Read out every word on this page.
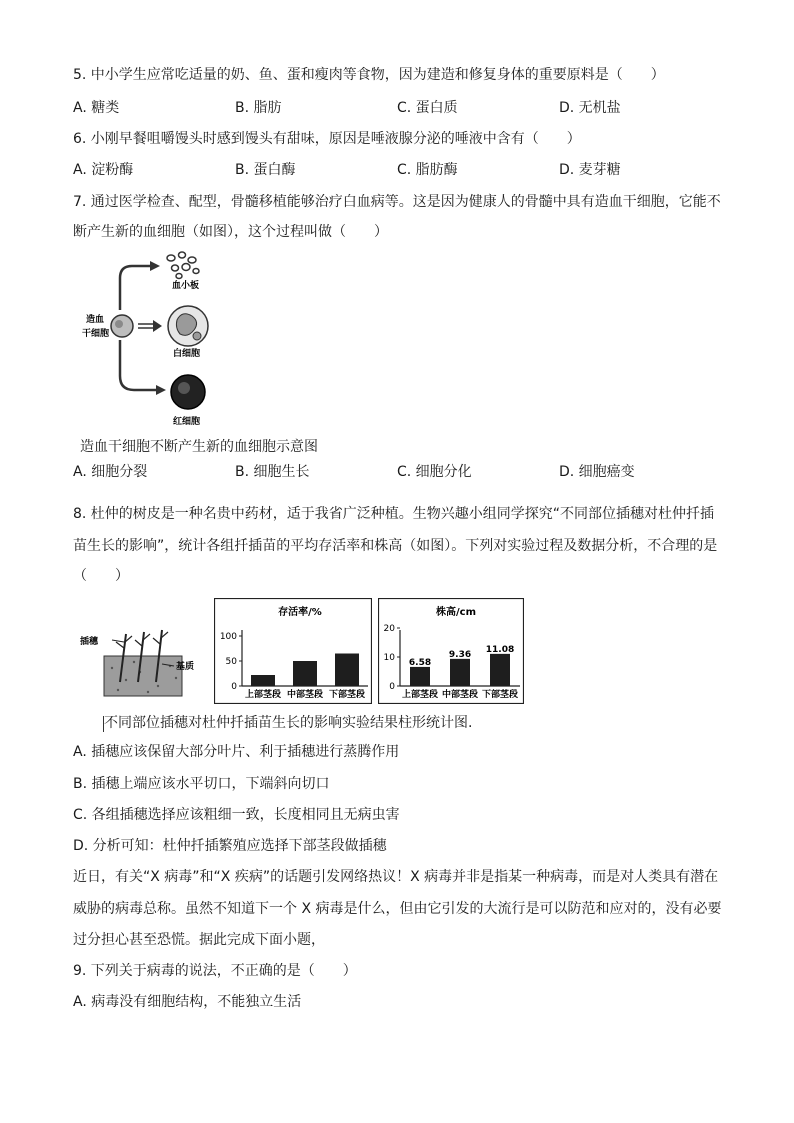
5. 中小学生应常吃适量的奶、鱼、蛋和瘦肉等食物，因为建造和修复身体的重要原料是（　　）
A. 糖类	B. 脂肪	C. 蛋白质	D. 无机盐
6. 小刚早餐咀嚼馒头时感到馒头有甜味，原因是唾液腺分泌的唾液中含有（　　）
A. 淀粉酶	B. 蛋白酶	C. 脂肪酶	D. 麦芽糖
7. 通过医学检查、配型，骨髓移植能够治疗白血病等。这是因为健康人的骨髓中具有造血干细胞，它能不
断产生新的血细胞（如图），这个过程叫做（　　）
造血
干细胞
血小板
白细胞
红细胞
造血干细胞不断产生新的血细胞示意图
A. 细胞分裂	B. 细胞生长	C. 细胞分化	D. 细胞癌变
8. 杜仲的树皮是一种名贵中药材，适于我省广泛种植。生物兴趣小组同学探究“不同部位插穗对杜仲扦插
苗生长的影响”，统计各组扦插苗的平均存活率和株高（如图）。下列对实验过程及数据分析，不合理的是
（　　）
插穗
基质
存活率/%
0
50
100
上部茎段 中部茎段 下部茎段
株高/cm
0
10
20
上部茎段 中部茎段 下部茎段
6.58
9.36 11.08
不同部位插穗对杜仲扦插苗生长的影响实验结果柱形统计图.
A. 插穗应该保留大部分叶片、利于插穗进行蒸腾作用
B. 插穗上端应该水平切口，下端斜向切口
C. 各组插穗选择应该粗细一致，长度相同且无病虫害
D. 分析可知：杜仲扦插繁殖应选择下部茎段做插穗
近日，有关“X 病毒”和“X 疾病”的话题引发网络热议！X 病毒并非是指某一种病毒，而是对人类具有潜在
威胁的病毒总称。虽然不知道下一个 X 病毒是什么，但由它引发的大流行是可以防范和应对的，没有必要
过分担心甚至恐慌。据此完成下面小题，
9. 下列关于病毒的说法，不正确的是（　　）
A. 病毒没有细胞结构，不能独立生活
